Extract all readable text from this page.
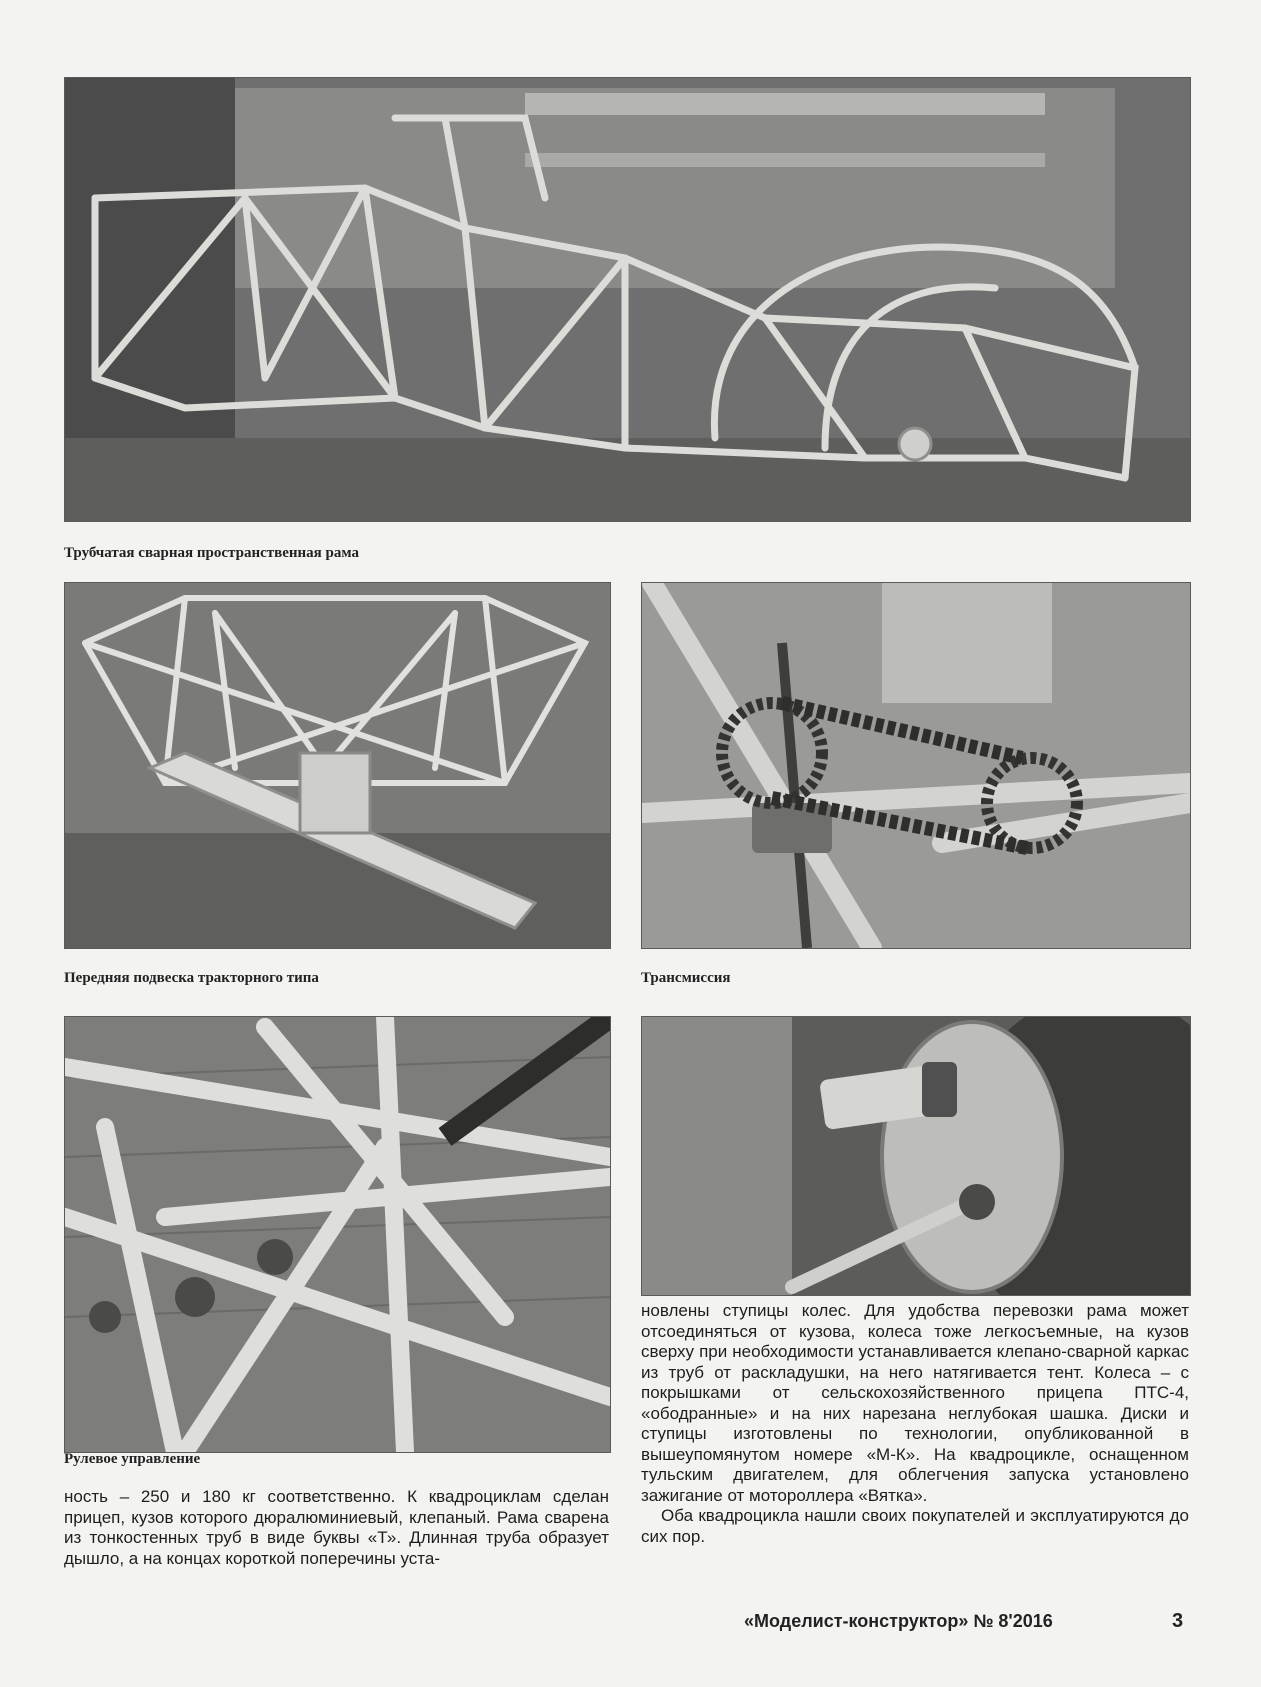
Трубчатая сварная пространственная рама
Передняя подвеска тракторного типа	Трансмиссия
Рулевое управление

ность – 250 и 180 кг соответственно. К квадроциклам сделан прицеп, кузов которого дюралюминиевый, клепаный. Рама сварена из тонкостенных труб в виде буквы «Т». Длинная труба образует дышло, а на концах короткой поперечины уста-

новлены ступицы колес. Для удобства перевозки рама может отсоединяться от кузова, колеса тоже легкосъемные, на кузов сверху при необходимости устанавливается клепано-сварной каркас из труб от раскладушки, на него натягивается тент. Колеса – с покрышками от сельскохозяйственного прицепа ПТС-4, «ободранные» и на них нарезана неглубокая шашка. Диски и ступицы изготовлены по технологии, опубликованной в вышеупомянутом номере «М-К». На квадроцикле, оснащенном тульским двигателем, для облегчения запуска установлено зажигание от мотороллера «Вятка».

Оба квадроцикла нашли своих покупателей и эксплуатируются до сих пор.

«Моделист-конструктор» № 8'2016	3
